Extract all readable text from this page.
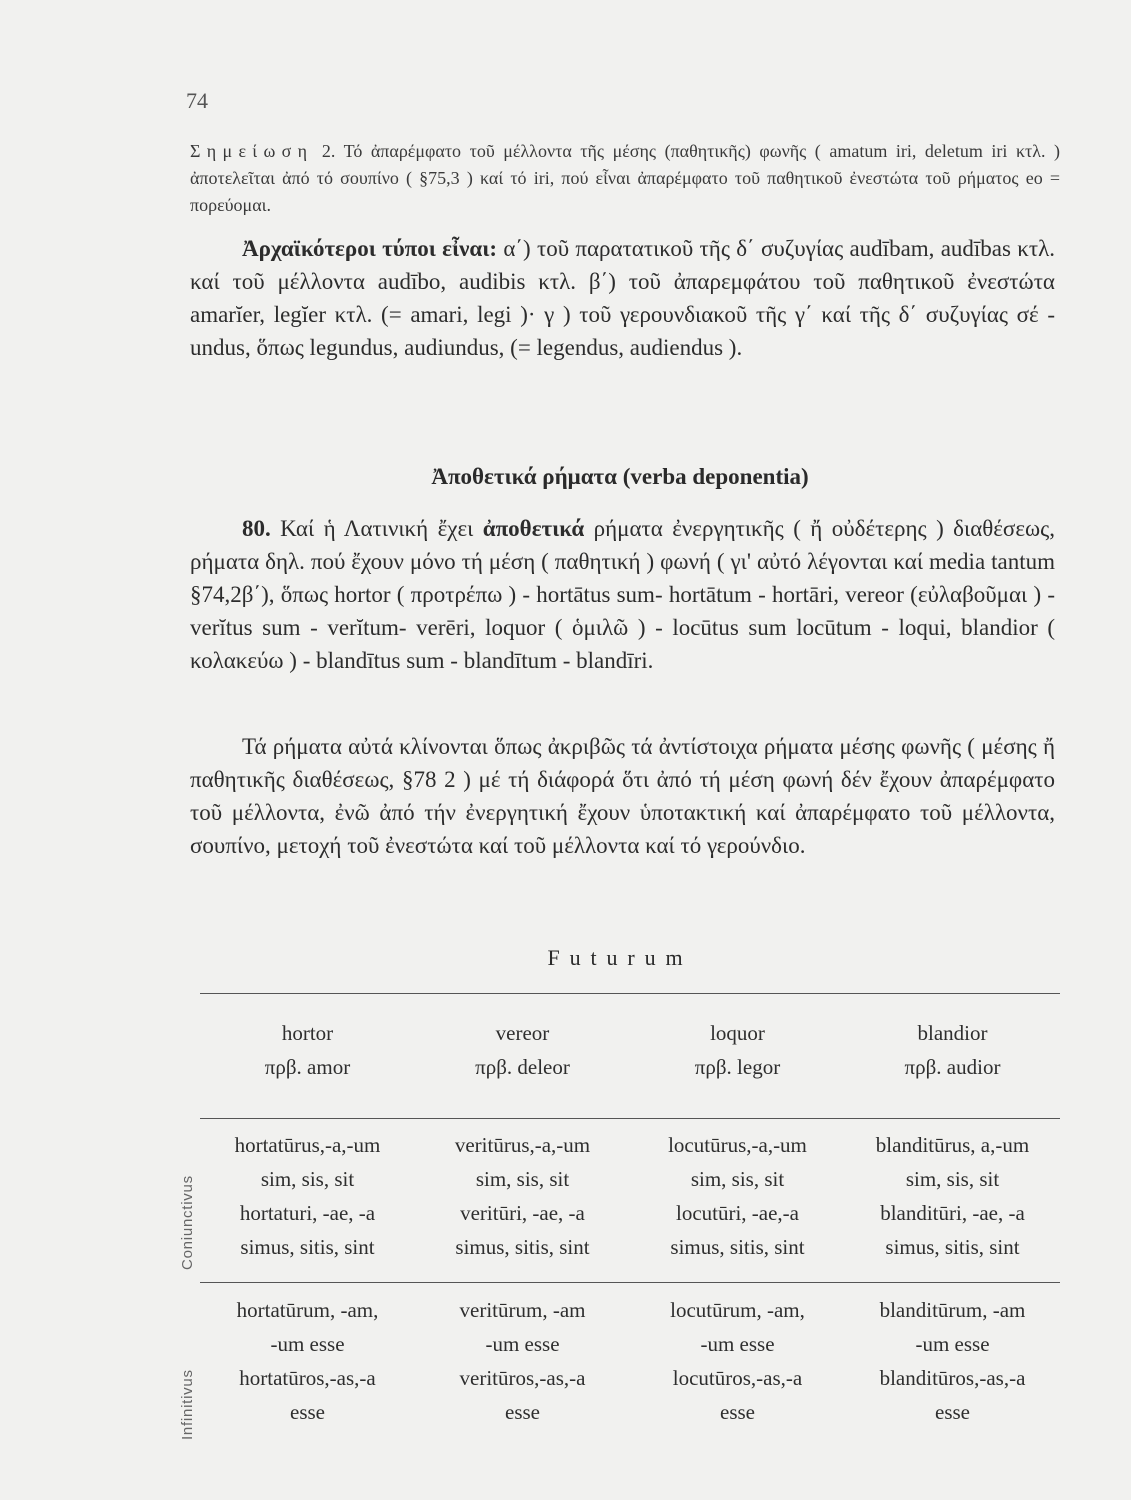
74
Σημείωση 2. Τό ἀπαρέμφατο τοῦ μέλλοντα τῆς μέσης (παθητικῆς) φωνῆς ( amatum iri, deletum iri κτλ. ) ἀποτελεῖται ἀπό τό σουπίνο ( §75,3 ) καί τό iri, πού εἶναι ἀπαρέμφατο τοῦ παθητικοῦ ἐνεστώτα τοῦ ρήματος eo = πορεύομαι.
Ἀρχαϊκότεροι τύποι εἶναι: α΄) τοῦ παρατατικοῦ τῆς δ΄ συζυγίας audībam, audības κτλ. καί τοῦ μέλλοντα audībo, audibis κτλ. β΄) τοῦ ἀπαρεμφάτου τοῦ παθητικοῦ ἐνεστώτα amarĭer, legĭer κτλ. (= amari, legi )· γ ) τοῦ γερουνδιακοῦ τῆς γ΄ καί τῆς δ΄ συζυγίας σέ -undus, ὅπως legundus, audiundus, (= legendus, audiendus ).
Ἀποθετικά ρήματα (verba deponentia)
80. Καί ἡ Λατινική ἔχει ἀποθετικά ρήματα ἐνεργητικῆς ( ἤ οὐδέτερης ) διαθέσεως, ρήματα δηλ. πού ἔχουν μόνο τή μέση ( παθητική ) φωνή ( γι' αὐτό λέγονται καί media tantum §74,2β΄), ὅπως hortor ( προτρέπω ) - hortātus sum- hortātum - hortāri, vereor (εὐλαβοῦμαι ) - verĭtus sum - verĭtum- verēri, loquor ( ὁμιλῶ ) - locūtus sum locūtum - loqui, blandior ( κολακεύω ) - blandītus sum - blandītum - blandīri.
Τά ρήματα αὐτά κλίνονται ὅπως ἀκριβῶς τά ἀντίστοιχα ρήματα μέσης φωνῆς ( μέσης ἤ παθητικῆς διαθέσεως, §78 2 ) μέ τή διάφορά ὅτι ἀπό τή μέση φωνή δέν ἔχουν ἀπαρέμφατο τοῦ μέλλοντα, ἐνῶ ἀπό τήν ἐνεργητική ἔχουν ὑποτακτική καί ἀπαρέμφατο τοῦ μέλλοντα, σουπίνο, μετοχή τοῦ ἐνεστώτα καί τοῦ μέλλοντα καί τό γερούνδιο.
Futurum
hortor
πρβ. amor
vereor
πρβ. deleor
loquor
πρβ. legor
blandior
πρβ. audior
Coniunctivus
hortatūrus,-a,-um
sim, sis, sit
hortaturi, -ae, -a
simus, sitis, sint
veritūrus,-a,-um
sim, sis, sit
veritūri, -ae, -a
simus, sitis, sint
locutūrus,-a,-um
sim, sis, sit
locutūri, -ae,-a
simus, sitis, sint
blanditūrus, a,-um
sim, sis, sit
blanditūri, -ae, -a
simus, sitis, sint
Infinitivus
hortatūrum, -am,
-um esse
hortatūros,-as,-a
esse
veritūrum, -am
-um esse
veritūros,-as,-a
esse
locutūrum, -am,
-um esse
locutūros,-as,-a
esse
blanditūrum, -am
-um esse
blanditūros,-as,-a
esse
